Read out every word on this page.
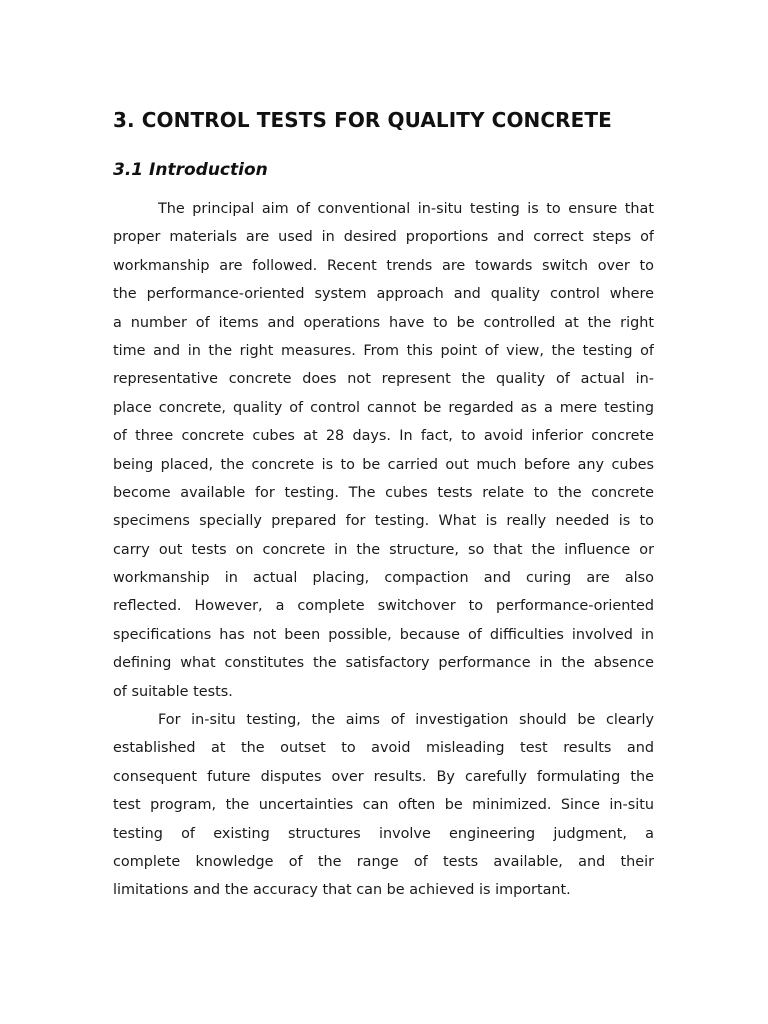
3. CONTROL TESTS FOR QUALITY CONCRETE
3.1 Introduction
The principal aim of conventional in-situ testing is to ensure that
proper materials are used in desired proportions and correct steps of
workmanship are followed. Recent trends are towards switch over to
the performance-oriented system approach and quality control where
a number of items and operations have to be controlled at the right
time and in the right measures. From this point of view, the testing of
representative concrete does not represent the quality of actual in-
place concrete, quality of control cannot be regarded as a mere testing
of three concrete cubes at 28 days. In fact, to avoid inferior concrete
being placed, the concrete is to be carried out much before any cubes
become available for testing. The cubes tests relate to the concrete
specimens specially prepared for testing. What is really needed is to
carry out tests on concrete in the structure, so that the influence or
workmanship in actual placing, compaction and curing are also
reflected. However, a complete switchover to performance-oriented
specifications has not been possible, because of difficulties involved in
defining what constitutes the satisfactory performance in the absence
of suitable tests.
For in-situ testing, the aims of investigation should be clearly
established at the outset to avoid misleading test results and
consequent future disputes over results. By carefully formulating the
test program, the uncertainties can often be minimized. Since in-situ
testing of existing structures involve engineering judgment, a
complete knowledge of the range of tests available, and their
limitations and the accuracy that can be achieved is important.
